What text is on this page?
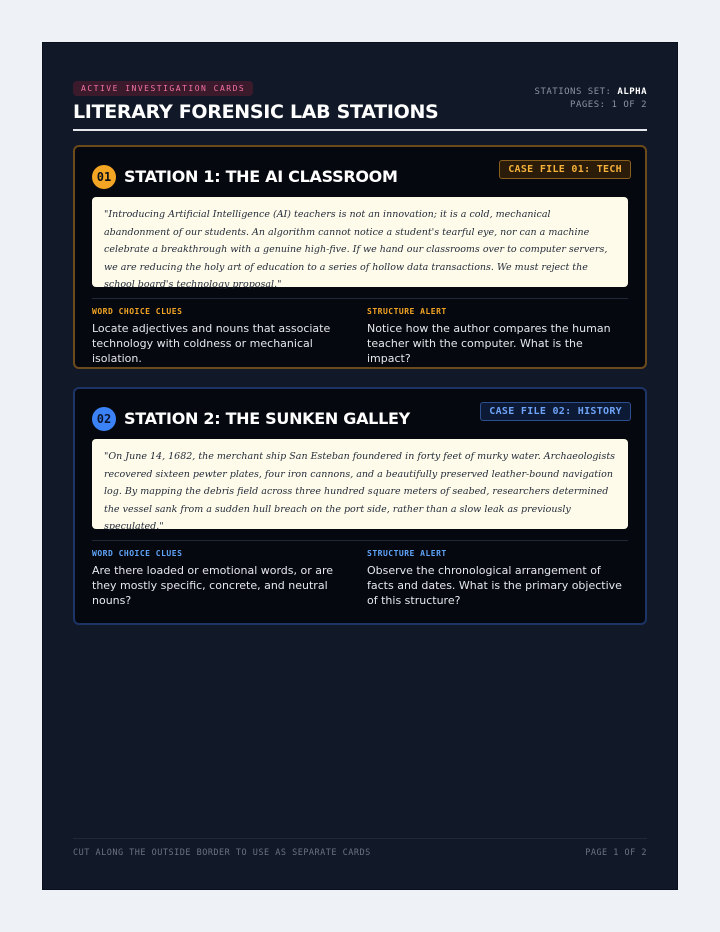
ACTIVE INVESTIGATION CARDS
LITERARY FORENSIC LAB STATIONS
STATIONS SET: ALPHA
PAGES: 1 OF 2
01 STATION 1: THE AI CLASSROOM	CASE FILE 01: TECH
"Introducing Artificial Intelligence (AI) teachers is not an innovation; it is a cold, mechanical abandonment of our students. An algorithm cannot notice a student's tearful eye, nor can a machine celebrate a breakthrough with a genuine high-five. If we hand our classrooms over to computer servers, we are reducing the holy art of education to a series of hollow data transactions. We must reject the school board's technology proposal."
WORD CHOICE CLUES
Locate adjectives and nouns that associate technology with coldness or mechanical isolation.
STRUCTURE ALERT
Notice how the author compares the human teacher with the computer. What is the impact?
02 STATION 2: THE SUNKEN GALLEY	CASE FILE 02: HISTORY
"On June 14, 1682, the merchant ship San Esteban foundered in forty feet of murky water. Archaeologists recovered sixteen pewter plates, four iron cannons, and a beautifully preserved leather-bound navigation log. By mapping the debris field across three hundred square meters of seabed, researchers determined the vessel sank from a sudden hull breach on the port side, rather than a slow leak as previously speculated."
WORD CHOICE CLUES
Are there loaded or emotional words, or are they mostly specific, concrete, and neutral nouns?
STRUCTURE ALERT
Observe the chronological arrangement of facts and dates. What is the primary objective of this structure?
CUT ALONG THE OUTSIDE BORDER TO USE AS SEPARATE CARDS	PAGE 1 OF 2
